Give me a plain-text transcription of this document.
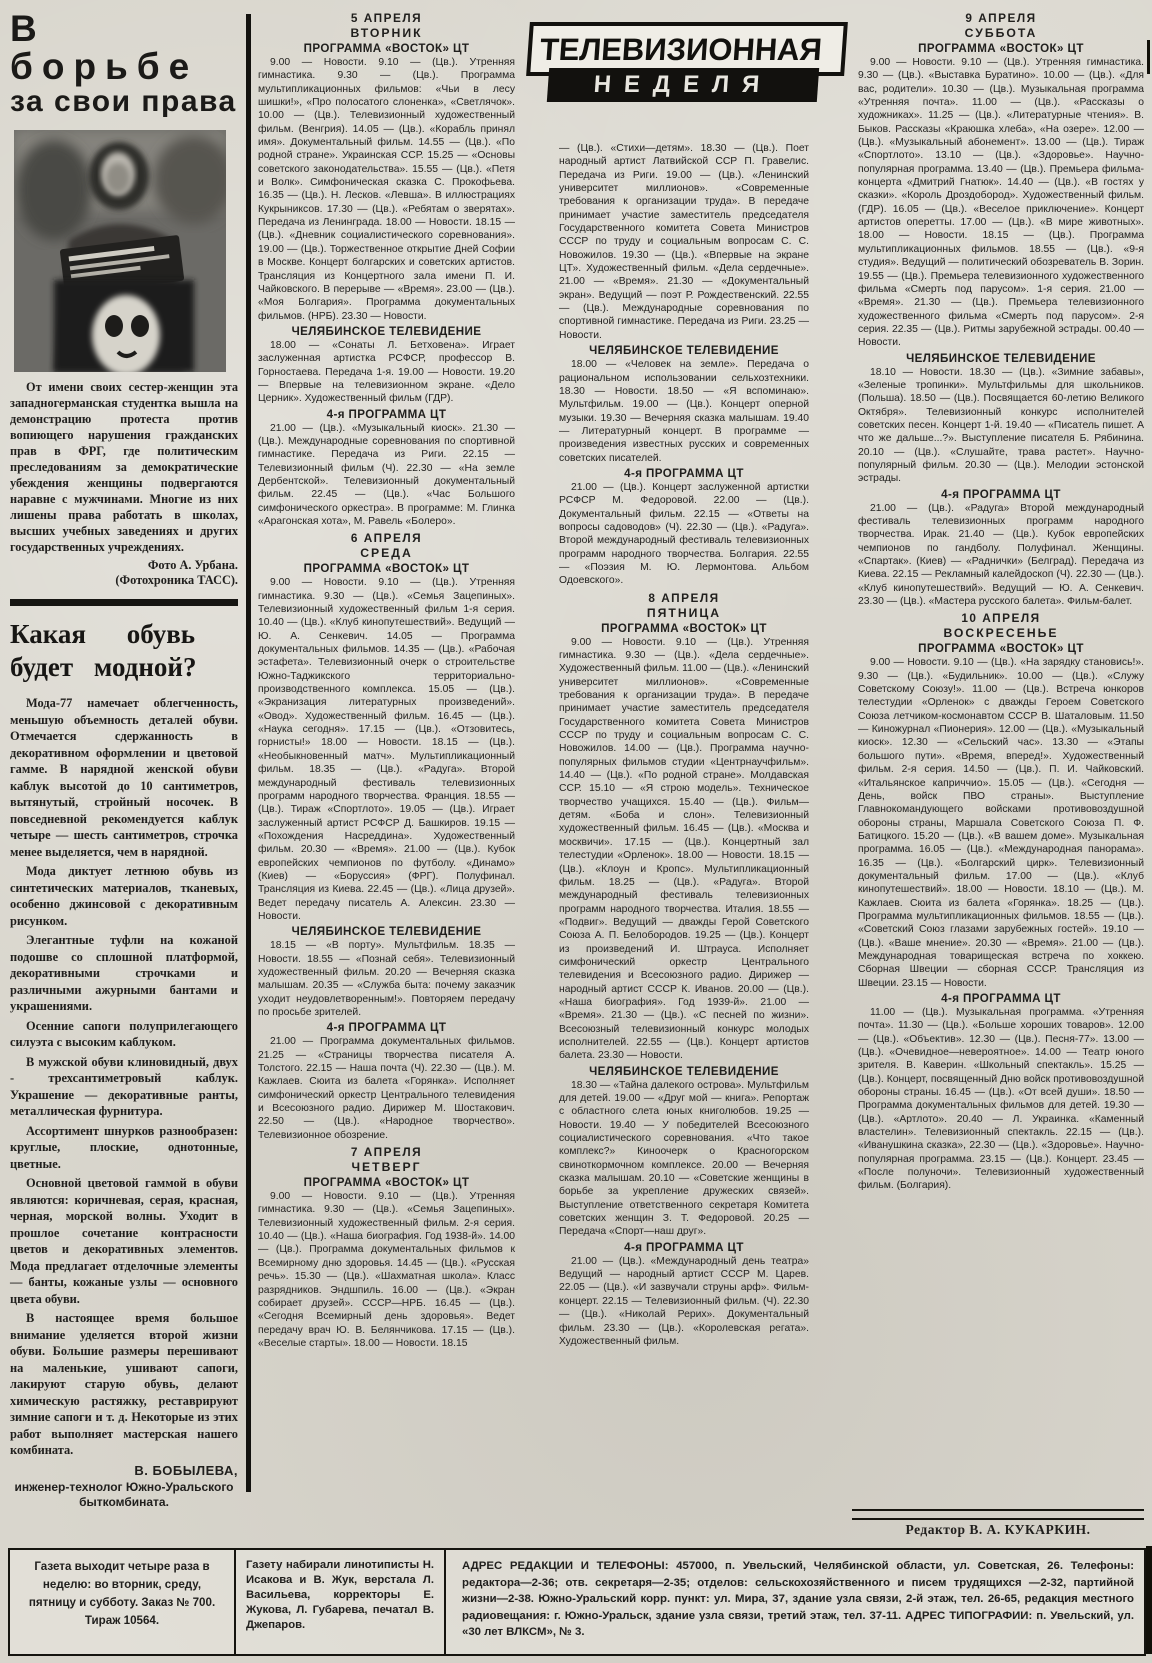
В борьбе
за свои права

От имени своих сестер-женщин эта западногерманская студентка вышла на демонстрацию протеста против вопиющего нарушения гражданских прав в ФРГ, где политическим преследованиям за демократические убеждения женщины подвергаются наравне с мужчинами. Многие из них лишены права работать в школах, высших учебных заведениях и других государственных учреждениях.

Фото А. Урбана.
(Фотохроника ТАСС).
Какая обувь
будет модной?

Мода-77 намечает облегченность, меньшую объемность деталей обуви. Отмечается сдержанность в декоративном оформлении и цветовой гамме. В нарядной женской обуви каблук высотой до 10 сантиметров, вытянутый, стройный носочек. В повседневной рекомендуется каблук четыре — шесть сантиметров, строчка менее выделяется, чем в нарядной.

Мода диктует летнюю обувь из синтетических материалов, тканевых, особенно джинсовой с декоративным рисунком.

Элегантные туфли на кожаной подошве со сплошной платформой, декоративными строчками и различными ажурными бантами и украшениями.

Осенние сапоги полуприлегающего силуэта с высоким каблуком.

В мужской обуви клиновидный, двух - трехсантиметровый каблук. Украшение — декоративные ранты, металлическая фурнитура.

Ассортимент шнурков разнообразен: круглые, плоские, однотонные, цветные.

Основной цветовой гаммой в обуви являются: коричневая, серая, красная, черная, морской волны. Уходит в прошлое сочетание контрасности цветов и декоративных элементов. Мода предлагает отделочные элементы — банты, кожаные узлы — основного цвета обуви.

В настоящее время большое внимание уделяется второй жизни обуви. Большие размеры перешивают на маленькие, ушивают сапоги, лакируют старую обувь, делают химическую растяжку, реставрируют зимние сапоги и т. д. Некоторые из этих работ выполняет мастерская нашего комбината.

В. БОБЫЛЕВА,
инженер-технолог Южно-Уральского быткомбината.
ТЕЛЕВИЗИОННАЯ
НЕДЕЛЯ
5 АПРЕЛЯ
ВТОРНИК
ПРОГРАММА «ВОСТОК» ЦТ
9.00 — Новости. 9.10 — (Цв.). Утренняя гимнастика. 9.30 — (Цв.). Программа мультипликационных фильмов: «Чьи в лесу шишки!», «Про полосатого слоненка», «Светлячок». 10.00 — (Цв.). Телевизионный художественный фильм. (Венгрия). 14.05 — (Цв.). «Корабль принял имя». Документальный фильм. 14.55 — (Цв.). «По родной стране». Украинская ССР. 15.25 — «Основы советского законодательства». 15.55 — (Цв.). «Петя и Волк». Симфоническая сказка С. Прокофьева. 16.35 — (Цв.). Н. Лесков. «Левша». В иллюстрациях Кукрыниксов. 17.30 — (Цв.). «Ребятам о зверятах». Передача из Ленинграда. 18.00 — Новости. 18.15 — (Цв.). «Дневник социалистического соревнования». 19.00 — (Цв.). Торжественное открытие Дней Софии в Москве. Концерт болгарских и советских артистов. Трансляция из Концертного зала имени П. И. Чайковского. В перерыве — «Время». 23.00 — (Цв.). «Моя Болгария». Программа документальных фильмов. (НРБ). 23.30 — Новости.
ЧЕЛЯБИНСКОЕ ТЕЛЕВИДЕНИЕ
18.00 — «Сонаты Л. Бетховена». Играет заслуженная артистка РСФСР, профессор В. Горностаева. Передача 1-я. 19.00 — Новости. 19.20 — Впервые на телевизионном экране. «Дело Церник». Художественный фильм (ГДР).
4-я ПРОГРАММА ЦТ
21.00 — (Цв.). «Музыкальный киоск». 21.30 — (Цв.). Международные соревнования по спортивной гимнастике. Передача из Риги. 22.15 — Телевизионный фильм (Ч). 22.30 — «На земле Дербентской». Телевизионный документальный фильм. 22.45 — (Цв.). «Час Большого симфонического оркестра». В программе: М. Глинка «Арагонская хота», М. Равель «Болеро».
6 АПРЕЛЯ
СРЕДА
ПРОГРАММА «ВОСТОК» ЦТ
9.00 — Новости. 9.10 — (Цв.). Утренняя гимнастика. 9.30 — (Цв.). «Семья Зацепиных». Телевизионный художественный фильм 1-я серия. 10.40 — (Цв.). «Клуб кинопутешествий». Ведущий — Ю. А. Сенкевич. 14.05 — Программа документальных фильмов. 14.35 — (Цв.). «Рабочая эстафета». Телевизионный очерк о строительстве Южно-Таджикского территориально-производственного комплекса. 15.05 — (Цв.). «Экранизация литературных произведений». «Овод». Художественный фильм. 16.45 — (Цв.). «Наука сегодня». 17.15 — (Цв.). «Отзовитесь, горнисты!» 18.00 — Новости. 18.15 — (Цв.). «Необыкновенный матч». Мультипликационный фильм. 18.35 — (Цв.). «Радуга». Второй международный фестиваль телевизионных программ народного творчества. Франция. 18.55 — (Цв.). Тираж «Спортлото». 19.05 — (Цв.). Играет заслуженный артист РСФСР Д. Башкиров. 19.15 — «Похождения Насреддина». Художественный фильм. 20.30 — «Время». 21.00 — (Цв.). Кубок европейских чемпионов по футболу. «Динамо» (Киев) — «Боруссия» (ФРГ). Полуфинал. Трансляция из Киева. 22.45 — (Цв.). «Лица друзей». Ведет передачу писатель А. Алексин. 23.30 — Новости.
ЧЕЛЯБИНСКОЕ ТЕЛЕВИДЕНИЕ
18.15 — «В порту». Мультфильм. 18.35 — Новости. 18.55 — «Познай себя». Телевизионный художественный фильм. 20.20 — Вечерняя сказка малышам. 20.35 — «Служба быта: почему заказчик уходит неудовлетворенным!». Повторяем передачу по просьбе зрителей.
4-я ПРОГРАММА ЦТ
21.00 — Программа документальных фильмов. 21.25 — «Страницы творчества писателя А. Толстого. 22.15 — Наша почта (Ч). 22.30 — (Цв.). М. Кажлаев. Сюита из балета «Горянка». Исполняет симфонический оркестр Центрального телевидения и Всесоюзного радио. Дирижер М. Шостакович. 22.50 — (Цв.). «Народное творчество». Телевизионное обозрение.
7 АПРЕЛЯ
ЧЕТВЕРГ
ПРОГРАММА «ВОСТОК» ЦТ
9.00 — Новости. 9.10 — (Цв.). Утренняя гимнастика. 9.30 — (Цв.). «Семья Зацепиных». Телевизионный художественный фильм. 2-я серия. 10.40 — (Цв.). «Наша биография. Год 1938-й». 14.00 — (Цв.). Программа документальных фильмов к Всемирному дню здоровья. 14.45 — (Цв.). «Русская речь». 15.30 — (Цв.). «Шахматная школа». Класс разрядников. Эндшпиль. 16.00 — (Цв.). «Экран собирает друзей». СССР—НРБ. 16.45 — (Цв.). «Сегодня Всемирный день здоровья». Ведет передачу врач Ю. В. Белянчикова. 17.15 — (Цв.). «Веселые старты». 18.00 — Новости. 18.15
— (Цв.). «Стихи—детям». 18.30 — (Цв.). Поет народный артист Латвийской ССР П. Гравелис. Передача из Риги. 19.00 — (Цв.). «Ленинский университет миллионов». «Современные требования к организации труда». В передаче принимает участие заместитель председателя Государственного комитета Совета Министров СССР по труду и социальным вопросам С. С. Новожилов. 19.30 — (Цв.). «Впервые на экране ЦТ». Художественный фильм. «Дела сердечные». 21.00 — «Время». 21.30 — «Документальный экран». Ведущий — поэт Р. Рождественский. 22.55 — (Цв.). Международные соревнования по спортивной гимнастике. Передача из Риги. 23.25 — Новости.
ЧЕЛЯБИНСКОЕ ТЕЛЕВИДЕНИЕ
18.00 — «Человек на земле». Передача о рациональном использовании сельхозтехники. 18.30 — Новости. 18.50 — «Я вспоминаю». Мультфильм. 19.00 — (Цв.). Концерт оперной музыки. 19.30 — Вечерняя сказка малышам. 19.40 — Литературный концерт. В программе — произведения известных русских и современных советских писателей.
4-я ПРОГРАММА ЦТ
21.00 — (Цв.). Концерт заслуженной артистки РСФСР М. Федоровой. 22.00 — (Цв.). Документальный фильм. 22.15 — «Ответы на вопросы садоводов» (Ч). 22.30 — (Цв.). «Радуга». Второй международный фестиваль телевизионных программ народного творчества. Болгария. 22.55 — «Поэзия М. Ю. Лермонтова. Альбом Одоевского».
8 АПРЕЛЯ
ПЯТНИЦА
ПРОГРАММА «ВОСТОК» ЦТ
9.00 — Новости. 9.10 — (Цв.). Утренняя гимнастика. 9.30 — (Цв.). «Дела сердечные». Художественный фильм. 11.00 — (Цв.). «Ленинский университет миллионов». «Современные требования к организации труда». В передаче принимает участие заместитель председателя Государственного комитета Совета Министров СССР по труду и социальным вопросам С. С. Новожилов. 14.00 — (Цв.). Программа научно-популярных фильмов студии «Центрнаучфильм». 14.40 — (Цв.). «По родной стране». Молдавская ССР. 15.10 — «Я строю модель». Техническое творчество учащихся. 15.40 — (Цв.). Фильм—детям. «Боба и слон». Телевизионный художественный фильм. 16.45 — (Цв.). «Москва и москвичи». 17.15 — (Цв.). Концертный зал телестудии «Орленок». 18.00 — Новости. 18.15 — (Цв.). «Клоун и Кропс». Мультипликационный фильм. 18.25 — (Цв.). «Радуга». Второй международный фестиваль телевизионных программ народного творчества. Италия. 18.55 — «Подвиг». Ведущий — дважды Герой Советского Союза А. П. Белобородов. 19.25 — (Цв.). Концерт из произведений И. Штрауса. Исполняет симфонический оркестр Центрального телевидения и Всесоюзного радио. Дирижер — народный артист СССР К. Иванов. 20.00 — (Цв.). «Наша биография». Год 1939-й». 21.00 — «Время». 21.30 — (Цв.). «С песней по жизни». Всесоюзный телевизионный конкурс молодых исполнителей. 22.55 — (Цв.). Концерт артистов балета. 23.30 — Новости.
ЧЕЛЯБИНСКОЕ ТЕЛЕВИДЕНИЕ
18.30 — «Тайна далекого острова». Мультфильм для детей. 19.00 — «Друг мой — книга». Репортаж с областного слета юных книголюбов. 19.25 — Новости. 19.40 — У победителей Всесоюзного социалистического соревнования. «Что такое комплекс?» Киноочерк о Красногорском свиноткормочном комплексе. 20.00 — Вечерняя сказка малышам. 20.10 — «Советские женщины в борьбе за укрепление дружеских связей». Выступление ответственного секретаря Комитета советских женщин З. Т. Федоровой. 20.25 — Передача «Спорт—наш друг».
4-я ПРОГРАММА ЦТ
21.00 — (Цв.). «Международный день театра» Ведущий — народный артист СССР М. Царев. 22.05 — (Цв.). «И зазвучали струны арф». Фильм-концерт. 22.15 — Телевизионный фильм. (Ч). 22.30 — (Цв.). «Николай Рерих». Документальный фильм. 23.30 — (Цв.). «Королевская регата». Художественный фильм.
9 АПРЕЛЯ
СУББОТА
ПРОГРАММА «ВОСТОК» ЦТ
9.00 — Новости. 9.10 — (Цв.). Утренняя гимнастика. 9.30 — (Цв.). «Выставка Буратино». 10.00 — (Цв.). «Для вас, родители». 10.30 — (Цв.). Музыкальная программа «Утренняя почта». 11.00 — (Цв.). «Рассказы о художниках». 11.25 — (Цв.). «Литературные чтения». В. Быков. Рассказы «Краюшка хлеба», «На озере». 12.00 — (Цв.). «Музыкальный абонемент». 13.00 — (Цв.). Тираж «Спортлото». 13.10 — (Цв.). «Здоровье». Научно-популярная программа. 13.40 — (Цв.). Премьера фильма-концерта «Дмитрий Гнатюк». 14.40 — (Цв.). «В гостях у сказки». «Король Дроздобород». Художественный фильм. (ГДР). 16.05 — (Цв.). «Веселое приключение». Концерт артистов оперетты. 17.00 — (Цв.). «В мире животных». 18.00 — Новости. 18.15 — (Цв.). Программа мультипликационных фильмов. 18.55 — (Цв.). «9-я студия». Ведущий — политический обозреватель В. Зорин. 19.55 — (Цв.). Премьера телевизионного художественного фильма «Смерть под парусом». 1-я серия. 21.00 — «Время». 21.30 — (Цв.). Премьера телевизионного художественного фильма «Смерть под парусом». 2-я серия. 22.35 — (Цв.). Ритмы зарубежной эстрады. 00.40 — Новости.
ЧЕЛЯБИНСКОЕ ТЕЛЕВИДЕНИЕ
18.10 — Новости. 18.30 — (Цв.). «Зимние забавы», «Зеленые тропинки». Мультфильмы для школьников. (Польша). 18.50 — (Цв.). Посвящается 60-летию Великого Октября». Телевизионный конкурс исполнителей советских песен. Концерт 1-й. 19.40 — «Писатель пишет. А что же дальше...?». Выступление писателя Б. Рябинина. 20.10 — (Цв.). «Слушайте, трава растет». Научно-популярный фильм. 20.30 — (Цв.). Мелодии эстонской эстрады.
4-я ПРОГРАММА ЦТ
21.00 — (Цв.). «Радуга» Второй международный фестиваль телевизионных программ народного творчества. Ирак. 21.40 — (Цв.). Кубок европейских чемпионов по гандболу. Полуфинал. Женщины. «Спартак». (Киев) — «Раднички» (Белград). Передача из Киева. 22.15 — Рекламный калейдоскоп (Ч). 22.30 — (Цв.). «Клуб кинопутешествий». Ведущий — Ю. А. Сенкевич. 23.30 — (Цв.). «Мастера русского балета». Фильм-балет.
10 АПРЕЛЯ
ВОСКРЕСЕНЬЕ
ПРОГРАММА «ВОСТОК» ЦТ
9.00 — Новости. 9.10 — (Цв.). «На зарядку становись!». 9.30 — (Цв.). «Будильник». 10.00 — (Цв.). «Служу Советскому Союзу!». 11.00 — (Цв.). Встреча юнкоров телестудии «Орленок» с дважды Героем Советского Союза летчиком-космонавтом СССР В. Шаталовым. 11.50 — Киножурнал «Пионерия». 12.00 — (Цв.). «Музыкальный киоск». 12.30 — «Сельский час». 13.30 — «Этапы большого пути». «Время, вперед!». Художественный фильм. 2-я серия. 14.50 — (Цв.). П. И. Чайковский. «Итальянское каприччио». 15.05 — (Цв.). «Сегодня — День, войск ПВО страны». Выступление Главнокомандующего войсками противовоздушной обороны страны, Маршала Советского Союза П. Ф. Батицкого. 15.20 — (Цв.). «В вашем доме». Музыкальная программа. 16.05 — (Цв.). «Международная панорама». 16.35 — (Цв.). «Болгарский цирк». Телевизионный документальный фильм. 17.00 — (Цв.). «Клуб кинопутешествий». 18.00 — Новости. 18.10 — (Цв.). М. Кажлаев. Сюита из балета «Горянка». 18.25 — (Цв.). Программа мультипликационных фильмов. 18.55 — (Цв.). «Советский Союз глазами зарубежных гостей». 19.10 — (Цв.). «Ваше мнение». 20.30 — «Время». 21.00 — (Цв.). Международная товарищеская встреча по хоккею. Сборная Швеции — сборная СССР. Трансляция из Швеции. 23.15 — Новости.
4-я ПРОГРАММА ЦТ
11.00 — (Цв.). Музыкальная программа. «Утренняя почта». 11.30 — (Цв.). «Больше хороших товаров». 12.00 — (Цв.). «Объектив». 12.30 — (Цв.). Песня-77». 13.00 — (Цв.). «Очевидное—невероятное». 14.00 — Театр юного зрителя. В. Каверин. «Школьный спектакль». 15.25 — (Цв.). Концерт, посвященный Дню войск противовоздушной обороны страны. 16.45 — (Цв.). «От всей души». 18.50 — Программа документальных фильмов для детей. 19.30 — (Цв.). «Артлото». 20.40 — Л. Украинка. «Каменный властелин». Телевизионный спектакль. 22.15 — (Цв.). «Иванушкина сказка», 22.30 — (Цв.). «Здоровье». Научно-популярная программа. 23.15 — (Цв.). Концерт. 23.45 — «После полуночи». Телевизионный художественный фильм. (Болгария).
Редактор В. А. КУКАРКИН.
Газета выходит четыре раза в неделю: во вторник, среду, пятницу и субботу. Заказ № 700. Тираж 10564.
Газету набирали линотиписты Н. Исакова и В. Жук, верстала Л. Васильева, корректоры Е. Жукова, Л. Губарева, печатал В. Джепаров.
АДРЕС РЕДАКЦИИ И ТЕЛЕФОНЫ: 457000, п. Увельский, Челябинской области, ул. Советская, 26. Телефоны: редактора—2-36; отв. секретаря—2-35; отделов: сельскохозяйственного и писем трудящихся —2-32, партийной жизни—2-38. Южно-Уральский корр. пункт: ул. Мира, 37, здание узла связи, 2-й этаж, тел. 26-65, редакция местного радиовещания: г. Южно-Уральск, здание узла связи, третий этаж, тел. 37-11. АДРЕС ТИПОГРАФИИ: п. Увельский, ул. «30 лет ВЛКСМ», № 3.
